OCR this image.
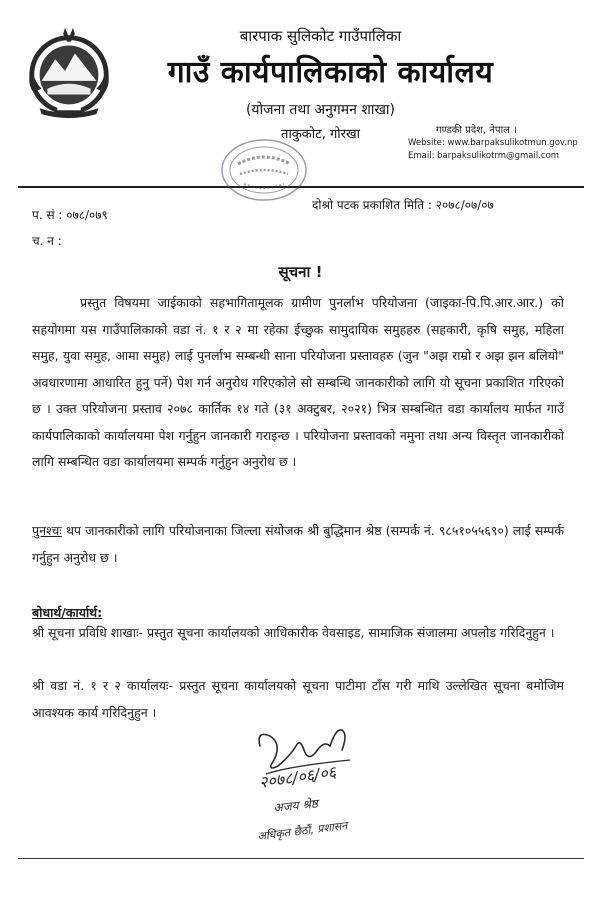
बारपाक सुलिकोट गाउँपालिका
गाउँ कार्यपालिकाको कार्यालय
(योजना तथा अनुगमन शाखा)
ताकुकोट, गोरखा	गण्डकी प्रदेश, नेपाल ।
Website: www.barpaksulikotmun.gov.np
Email: barpaksulikotrm@gmail.com
प. सं : ०७८/०७९
च. न :
दोश्रो पटक प्रकाशित मिति : २०७८/०७/०७
सूचना !
प्रस्तुत विषयमा जाईकाको सहभागितामूलक ग्रामीण पुनर्लाभ परियोजना (जाइका-पि.पि.आर.आर.) को सहयोगमा यस गाउँपालिकाको वडा नं. १ र २ मा रहेका ईच्छुक सामुदायिक समुहहरु (सहकारी, कृषि समुह, महिला समुह, युवा समुह, आमा समुह) लाई पुनर्लाभ सम्बन्धी साना परियोजना प्रस्तावहरु (जुन "अझ राम्रो र अझ झन बलियो" अवधारणामा आधारित हुनु पर्ने) पेश गर्न अनुरोध गरिएकोले सो सम्बन्धि जानकारीको लागि यो सूचना प्रकाशित गरिएको छ । उक्त परियोजना प्रस्ताव २०७८ कार्तिक १४ गते (३१ अक्टुबर, २०२१) भित्र सम्बन्धित वडा कार्यालय मार्फत गाउँ कार्यपालिकाको कार्यालयमा पेश गर्नुहुन जानकारी गराइन्छ । परियोजना प्रस्तावको नमुना तथा अन्य विस्तृत जानकारीको लागि सम्बन्धित वडा कार्यालयमा सम्पर्क गर्नुहुन अनुरोध छ ।
पुनश्चः थप जानकारीको लागि परियोजनाका जिल्ला संयोजक श्री बुद्धिमान श्रेष्ठ (सम्पर्क नं. ९८५१०५५६९०) लाई सम्पर्क गर्नुहुन अनुरोध छ ।
बोधार्थ/कार्यार्थ:
श्री सूचना प्रविधि शाखाः- प्रस्तुत सूचना कार्यालयको आधिकारीक वेवसाइड, सामाजिक संजालमा अपलोड गरिदिनुहुन ।
श्री वडा नं. १ र २ कार्यालयः- प्रस्तुत सूचना कार्यालयको सूचना पाटीमा टाँस गरी माथि उल्लेखित सूचना बमोजिम आवश्यक कार्य गरिदिनुहुन ।
२०७८/०६/०६
अजय श्रेष्ठ
अधिकृत छैठौं, प्रशासन
